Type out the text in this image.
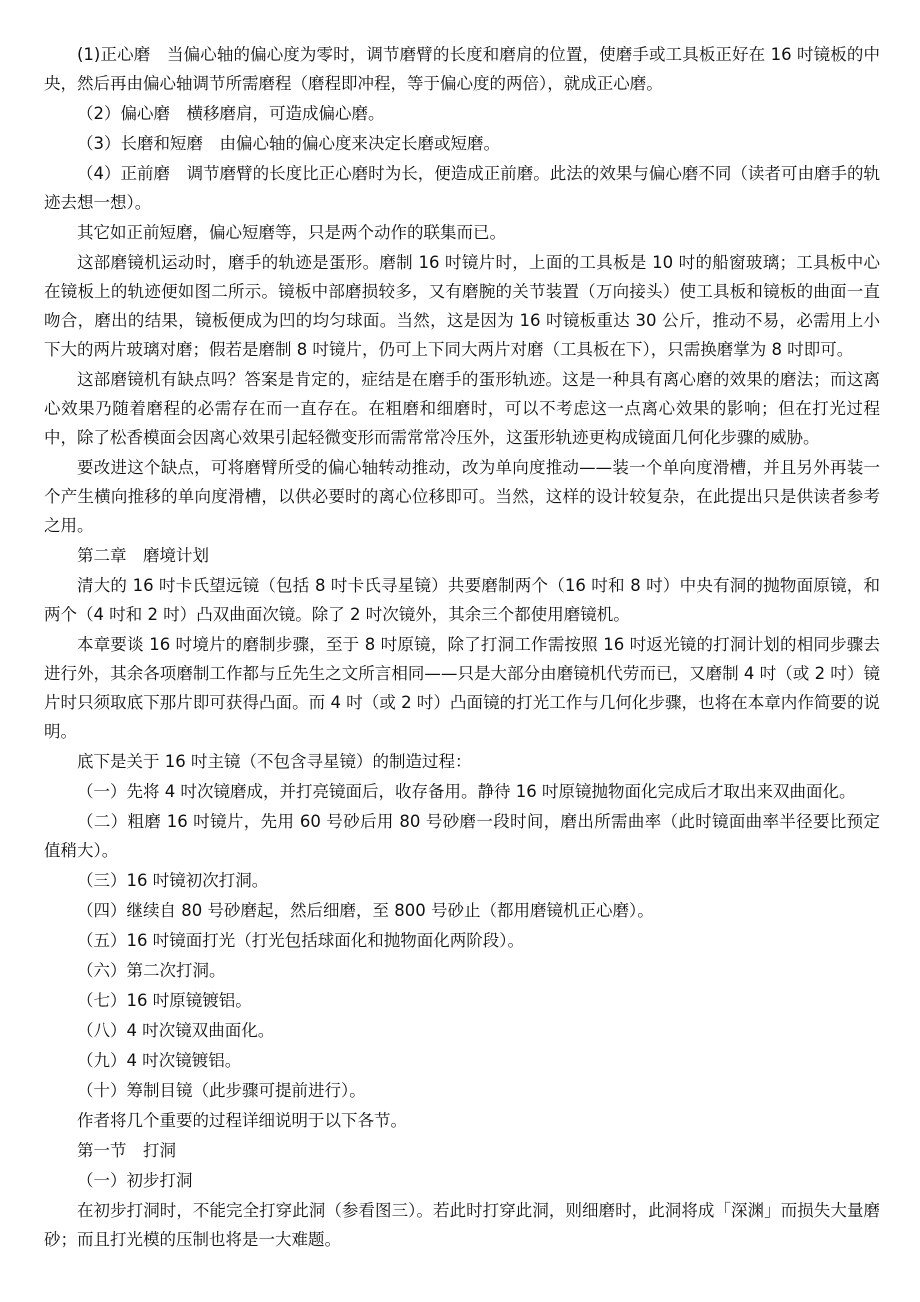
(1)正心磨　当偏心轴的偏心度为零时，调节磨臂的长度和磨肩的位置，使磨手或工具板正好在 16 吋镜板的中央，然后再由偏心轴调节所需磨程（磨程即冲程，等于偏心度的两倍），就成正心磨。

（2）偏心磨　横移磨肩，可造成偏心磨。

（3）长磨和短磨　由偏心轴的偏心度来决定长磨或短磨。

（4）正前磨　调节磨臂的长度比正心磨时为长，便造成正前磨。此法的效果与偏心磨不同（读者可由磨手的轨迹去想一想）。

其它如正前短磨，偏心短磨等，只是两个动作的联集而已。

这部磨镜机运动时，磨手的轨迹是蛋形。磨制 16 吋镜片时，上面的工具板是 10 吋的船窗玻璃；工具板中心在镜板上的轨迹便如图二所示。镜板中部磨损较多，又有磨腕的关节装置（万向接头）使工具板和镜板的曲面一直吻合，磨出的结果，镜板便成为凹的均匀球面。当然，这是因为 16 吋镜板重达 30 公斤，推动不易，必需用上小下大的两片玻璃对磨；假若是磨制 8 吋镜片，仍可上下同大两片对磨（工具板在下），只需换磨掌为 8 吋即可。

这部磨镜机有缺点吗？答案是肯定的，症结是在磨手的蛋形轨迹。这是一种具有离心磨的效果的磨法；而这离心效果乃随着磨程的必需存在而一直存在。在粗磨和细磨时，可以不考虑这一点离心效果的影响；但在打光过程中，除了松香模面会因离心效果引起轻微变形而需常常冷压外，这蛋形轨迹更构成镜面几何化步骤的威胁。

要改进这个缺点，可将磨臂所受的偏心轴转动推动，改为单向度推动——装一个单向度滑槽，并且另外再装一个产生横向推移的单向度滑槽，以供必要时的离心位移即可。当然，这样的设计较复杂，在此提出只是供读者参考之用。

第二章　磨境计划

清大的 16 吋卡氏望远镜（包括 8 吋卡氏寻星镜）共要磨制两个（16 吋和 8 吋）中央有洞的抛物面原镜，和两个（4 吋和 2 吋）凸双曲面次镜。除了 2 吋次镜外，其余三个都使用磨镜机。

本章要谈 16 吋境片的磨制步骤，至于 8 吋原镜，除了打洞工作需按照 16 吋返光镜的打洞计划的相同步骤去进行外，其余各项磨制工作都与丘先生之文所言相同——只是大部分由磨镜机代劳而已，又磨制 4 吋（或 2 吋）镜片时只须取底下那片即可获得凸面。而 4 吋（或 2 吋）凸面镜的打光工作与几何化步骤，也将在本章内作简要的说明。

底下是关于 16 吋主镜（不包含寻星镜）的制造过程：

（一）先将 4 吋次镜磨成，并打亮镜面后，收存备用。静待 16 吋原镜抛物面化完成后才取出来双曲面化。

（二）粗磨 16 吋镜片，先用 60 号砂后用 80 号砂磨一段时间，磨出所需曲率（此时镜面曲率半径要比预定值稍大）。

（三）16 吋镜初次打洞。

（四）继续自 80 号砂磨起，然后细磨，至 800 号砂止（都用磨镜机正心磨）。

（五）16 吋镜面打光（打光包括球面化和抛物面化两阶段）。

（六）第二次打洞。

（七）16 吋原镜镀铝。

（八）4 吋次镜双曲面化。

（九）4 吋次镜镀铝。

（十）筹制目镜（此步骤可提前进行）。

作者将几个重要的过程详细说明于以下各节。

第一节　打洞

（一）初步打洞

在初步打洞时，不能完全打穿此洞（参看图三）。若此时打穿此洞，则细磨时，此洞将成「深渊」而损失大量磨砂；而且打光模的压制也将是一大难题。
